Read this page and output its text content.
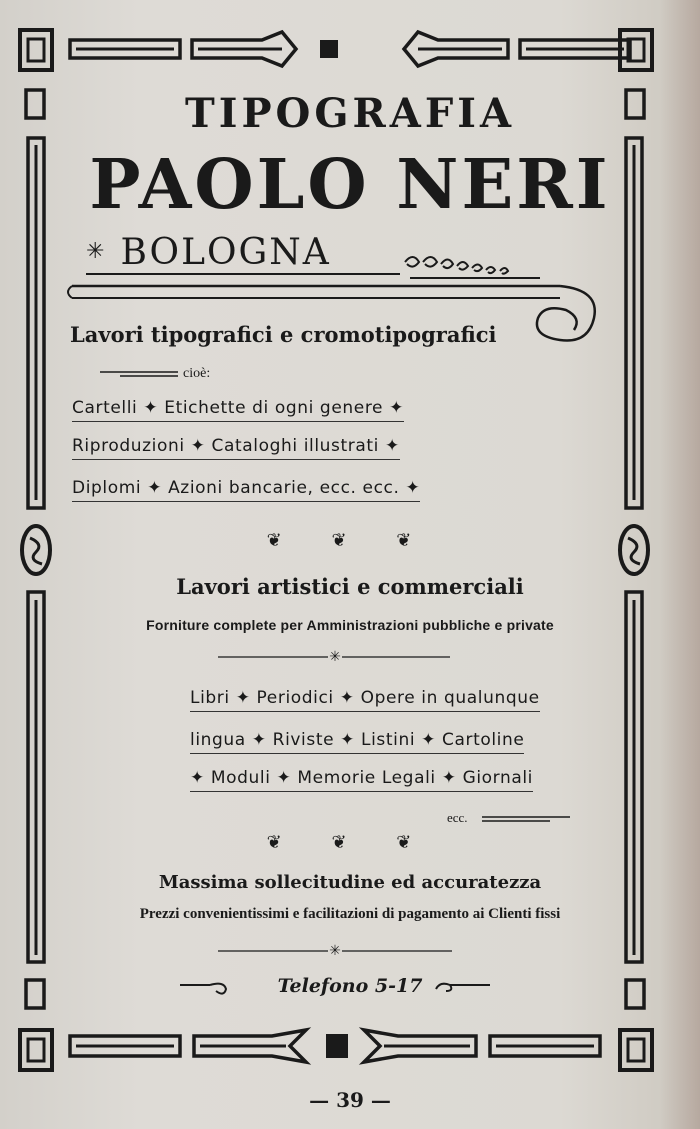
✳
✳
TIPOGRAFIA
PAOLO NERI
✳ BOLOGNA
Lavori tipografici e cromotipografici
cioè:
Cartelli ✦ Etichette di ogni genere ✦
Riproduzioni ✦ Cataloghi illustrati ✦
Diplomi ✦ Azioni bancarie, ecc. ecc. ✦
❦ ❦ ❦
Lavori artistici e commerciali
Forniture complete per Amministrazioni pubbliche e private
Libri ✦ Periodici ✦ Opere in qualunque
lingua ✦ Riviste ✦ Listini ✦ Cartoline
✦ Moduli ✦ Memorie Legali ✦ Giornali
ecc.
❦ ❦ ❦
Massima sollecitudine ed accuratezza
Prezzi convenientissimi e facilitazioni di pagamento ai Clienti fissi
Telefono 5-17
— 39 —
